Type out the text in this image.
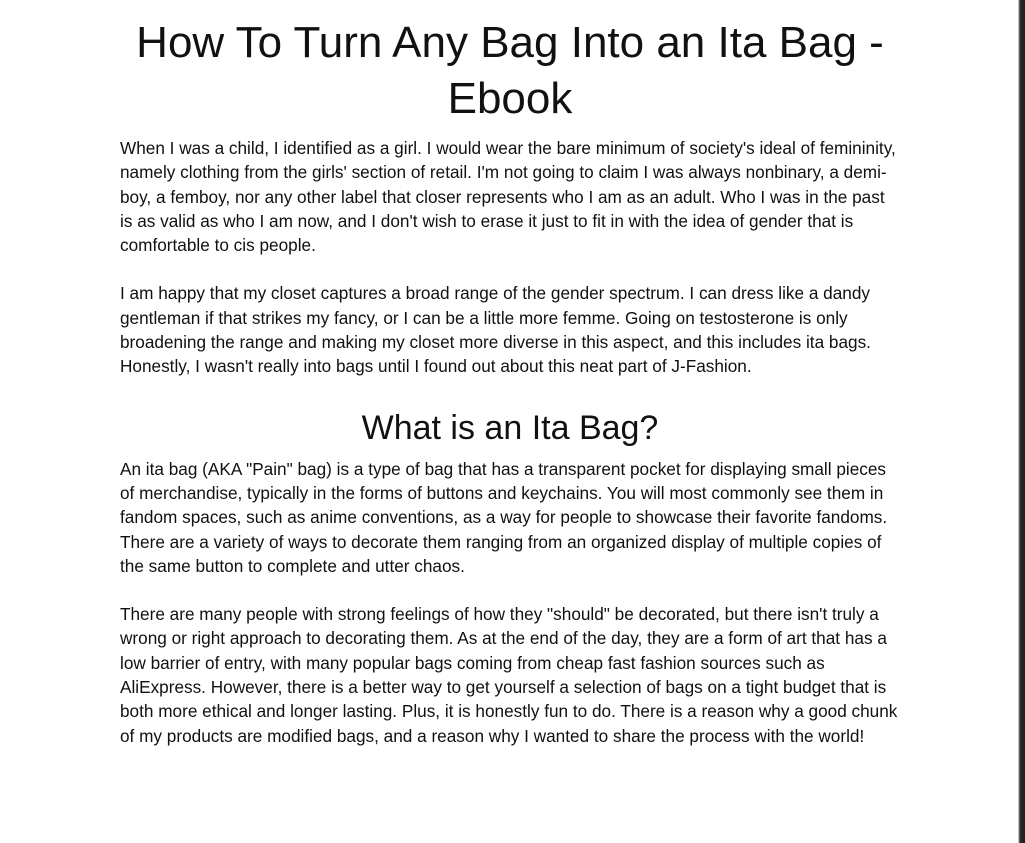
How To Turn Any Bag Into an Ita Bag - Ebook

When I was a child, I identified as a girl. I would wear the bare minimum of society's ideal of femininity, namely clothing from the girls' section of retail. I'm not going to claim I was always nonbinary, a demi-boy, a femboy, nor any other label that closer represents who I am as an adult. Who I was in the past is as valid as who I am now, and I don't wish to erase it just to fit in with the idea of gender that is comfortable to cis people.

I am happy that my closet captures a broad range of the gender spectrum. I can dress like a dandy gentleman if that strikes my fancy, or I can be a little more femme. Going on testosterone is only broadening the range and making my closet more diverse in this aspect, and this includes ita bags. Honestly, I wasn't really into bags until I found out about this neat part of J-Fashion.

What is an Ita Bag?

An ita bag (AKA "Pain" bag) is a type of bag that has a transparent pocket for displaying small pieces of merchandise, typically in the forms of buttons and keychains. You will most commonly see them in fandom spaces, such as anime conventions, as a way for people to showcase their favorite fandoms. There are a variety of ways to decorate them ranging from an organized display of multiple copies of the same button to complete and utter chaos.

There are many people with strong feelings of how they "should" be decorated, but there isn't truly a wrong or right approach to decorating them. As at the end of the day, they are a form of art that has a low barrier of entry, with many popular bags coming from cheap fast fashion sources such as AliExpress. However, there is a better way to get yourself a selection of bags on a tight budget that is both more ethical and longer lasting. Plus, it is honestly fun to do. There is a reason why a good chunk of my products are modified bags, and a reason why I wanted to share the process with the world!
